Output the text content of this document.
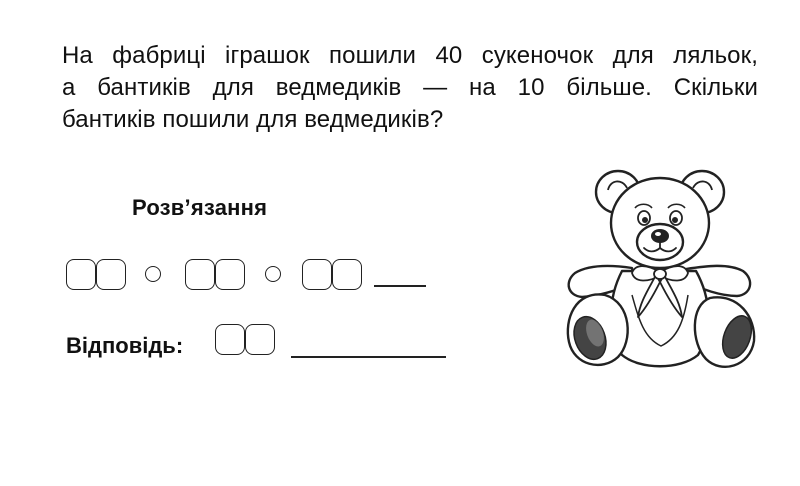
На фабриці іграшок пошили 40 сукеночок для ляльок,
а бантиків для ведмедиків — на 10 більше. Скільки
бантиків пошили для ведмедиків?
Розв’язання
Відповідь:
